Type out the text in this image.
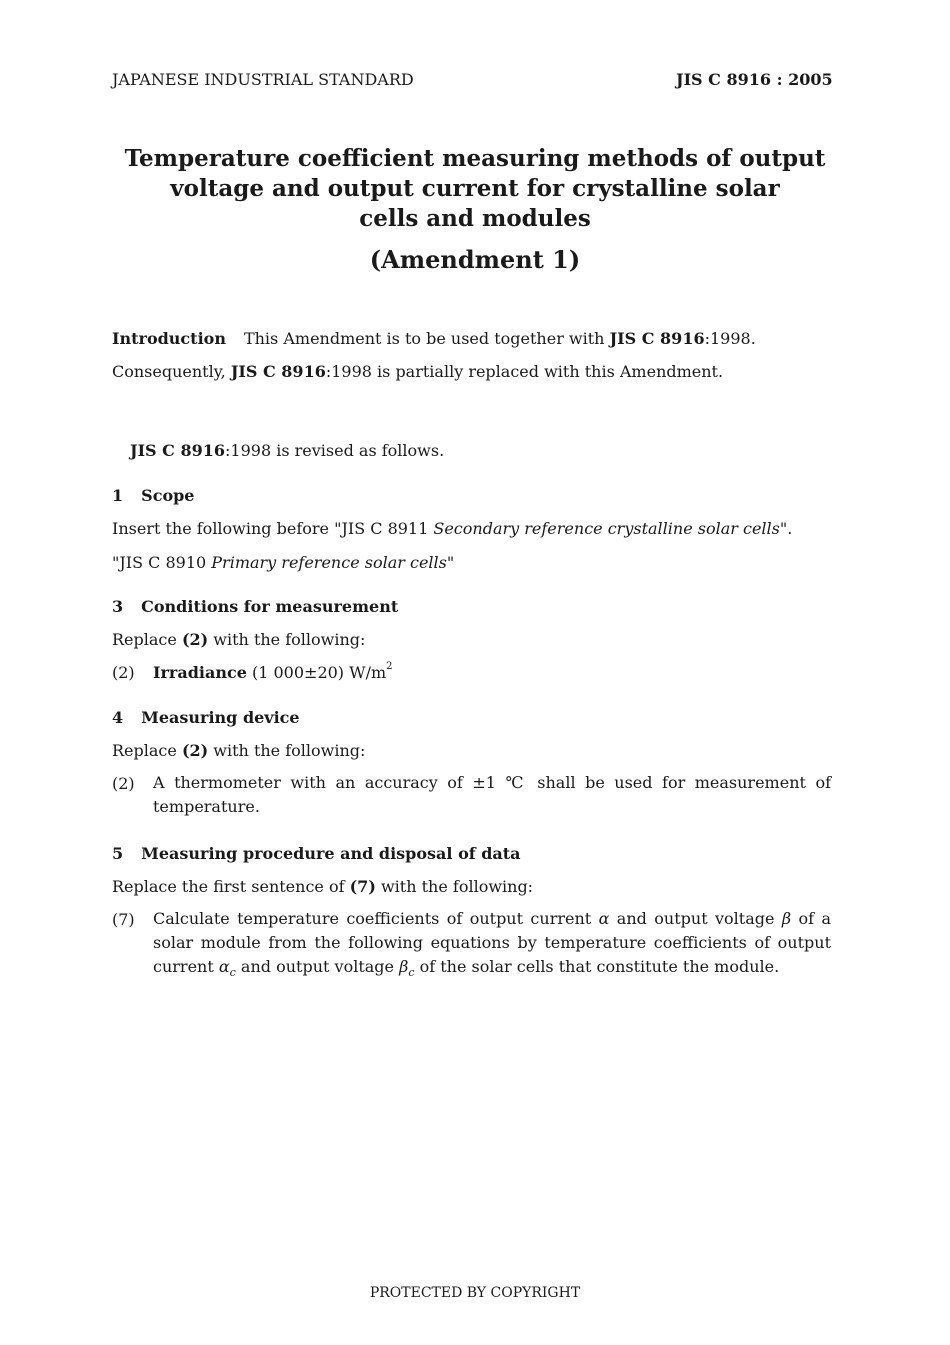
JAPANESE INDUSTRIAL STANDARD	JIS C 8916 : 2005
Temperature coefficient measuring methods of output
voltage and output current for crystalline solar
cells and modules
(Amendment 1)
Introduction This Amendment is to be used together with JIS C 8916:1998.
Consequently, JIS C 8916:1998 is partially replaced with this Amendment.
JIS C 8916:1998 is revised as follows.
1 Scope
Insert the following before "JIS C 8911 Secondary reference crystalline solar cells".
"JIS C 8910 Primary reference solar cells"
3 Conditions for measurement
Replace (2) with the following:
(2) Irradiance (1 000±20) $W/m^2$
4 Measuring device
Replace (2) with the following:
(2) A thermometer with an accuracy of ±1 ℃ shall be used for measurement of temperature.
5 Measuring procedure and disposal of data
Replace the first sentence of (7) with the following:
(7) Calculate temperature coefficients of output current α and output voltage β of a solar module from the following equations by temperature coefficients of output current $\alpha_c$ and output voltage $\beta_c$ of the solar cells that constitute the module.
PROTECTED BY COPYRIGHT
